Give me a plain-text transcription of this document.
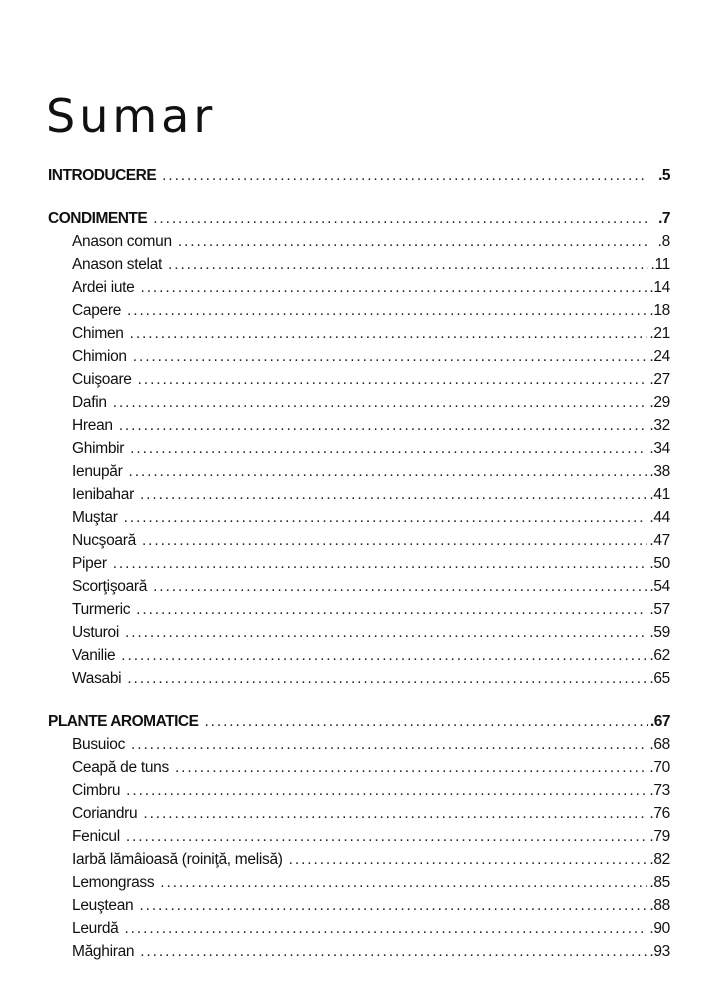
Sumar
INTRODUCERE . . .	.5
CONDIMENTE . . .	.7
Anason comun . . .	.8
Anason stelat . . .	.11
Ardei iute . . .	.14
Capere . . .	.18
Chimen . . .	.21
Chimion . . .	.24
Cuişoare . . .	.27
Dafin . . .	.29
Hrean . . .	.32
Ghimbir . . .	.34
Ienupăr . . .	.38
Ienibahar . . .	.41
Muştar . . .	.44
Nucşoară . . .	.47
Piper . . .	.50
Scorţişoară . . .	.54
Turmeric . . .	.57
Usturoi . . .	.59
Vanilie . . .	.62
Wasabi . . .	.65
PLANTE AROMATICE . . .	.67
Busuioc . . .	.68
Ceapă de tuns . . .	.70
Cimbru . . .	.73
Coriandru . . .	.76
Fenicul . . .	.79
Iarbă lămâioasă (roiniţă, melisă) . . .	.82
Lemongrass . . .	.85
Leuştean . . .	.88
Leurdă . . .	.90
Măghiran . . .	.93
